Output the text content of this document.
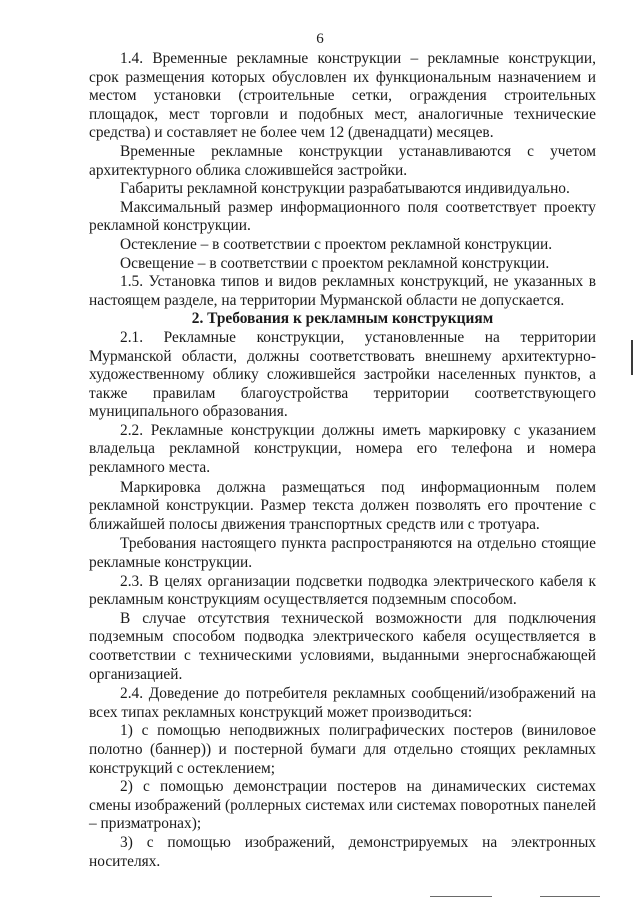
6

1.4. Временные рекламные конструкции – рекламные конструкции, срок размещения которых обусловлен их функциональным назначением и местом установки (строительные сетки, ограждения строительных площадок, мест торговли и подобных мест, аналогичные технические средства) и составляет не более чем 12 (двенадцати) месяцев.

Временные рекламные конструкции устанавливаются с учетом архитектурного облика сложившейся застройки.

Габариты рекламной конструкции разрабатываются индивидуально.

Максимальный размер информационного поля соответствует проекту рекламной конструкции.

Остекление – в соответствии с проектом рекламной конструкции.

Освещение – в соответствии с проектом рекламной конструкции.

1.5. Установка типов и видов рекламных конструкций, не указанных в настоящем разделе, на территории Мурманской области не допускается.

2. Требования к рекламным конструкциям

2.1. Рекламные конструкции, установленные на территории Мурманской области, должны соответствовать внешнему архитектурно-художественному облику сложившейся застройки населенных пунктов, а также правилам благоустройства территории соответствующего муниципального образования.

2.2. Рекламные конструкции должны иметь маркировку с указанием владельца рекламной конструкции, номера его телефона и номера рекламного места.

Маркировка должна размещаться под информационным полем рекламной конструкции. Размер текста должен позволять его прочтение с ближайшей полосы движения транспортных средств или с тротуара.

Требования настоящего пункта распространяются на отдельно стоящие рекламные конструкции.

2.3. В целях организации подсветки подводка электрического кабеля к рекламным конструкциям осуществляется подземным способом.

В случае отсутствия технической возможности для подключения подземным способом подводка электрического кабеля осуществляется в соответствии с техническими условиями, выданными энергоснабжающей организацией.

2.4. Доведение до потребителя рекламных сообщений/изображений на всех типах рекламных конструкций может производиться:

1) с помощью неподвижных полиграфических постеров (виниловое полотно (баннер)) и постерной бумаги для отдельно стоящих рекламных конструкций с остеклением;

2) с помощью демонстрации постеров на динамических системах смены изображений (роллерных системах или системах поворотных панелей – призматронах);

3) с помощью изображений, демонстрируемых на электронных носителях.
